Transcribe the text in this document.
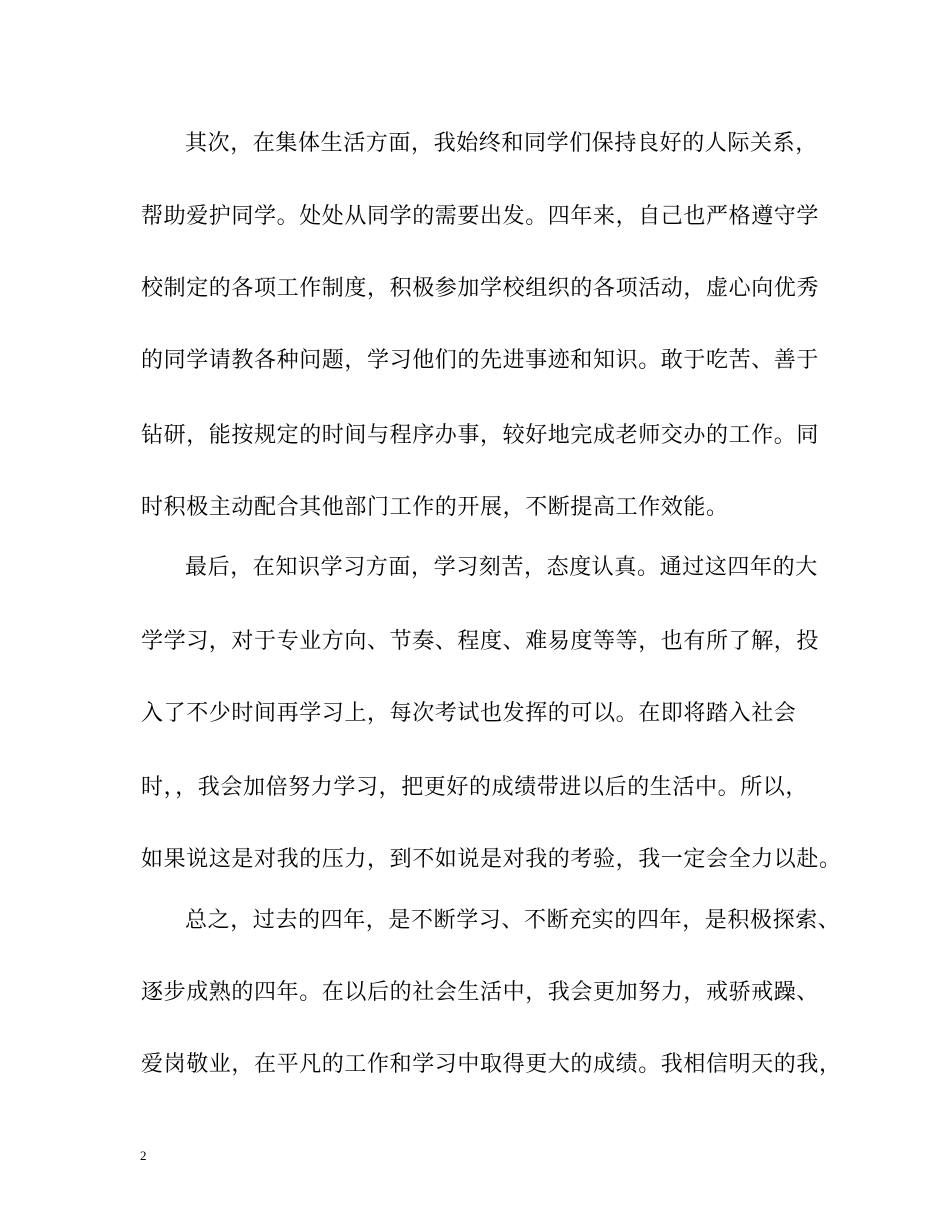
其次，在集体生活方面，我始终和同学们保持良好的人际关系，
帮助爱护同学。处处从同学的需要出发。四年来，自己也严格遵守学
校制定的各项工作制度，积极参加学校组织的各项活动，虚心向优秀
的同学请教各种问题，学习他们的先进事迹和知识。敢于吃苦、善于
钻研，能按规定的时间与程序办事，较好地完成老师交办的工作。同
时积极主动配合其他部门工作的开展，不断提高工作效能。
最后，在知识学习方面，学习刻苦，态度认真。通过这四年的大
学学习，对于专业方向、节奏、程度、难易度等等，也有所了解，投
入了不少时间再学习上，每次考试也发挥的可以。在即将踏入社会
时，，我会加倍努力学习，把更好的成绩带进以后的生活中。所以，
如果说这是对我的压力，到不如说是对我的考验，我一定会全力以赴。
总之，过去的四年，是不断学习、不断充实的四年，是积极探索、
逐步成熟的四年。在以后的社会生活中，我会更加努力，戒骄戒躁、
爱岗敬业，在平凡的工作和学习中取得更大的成绩。我相信明天的我，
2
